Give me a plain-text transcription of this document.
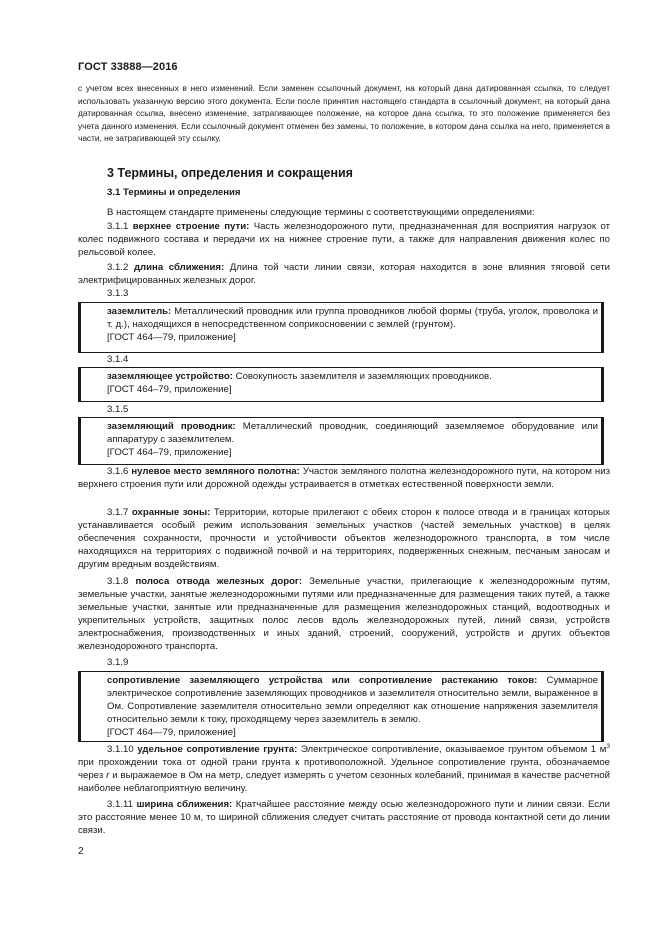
ГОСТ 33888—2016

с учетом всех внесенных в него изменений. Если заменен ссылочный документ, на который дана датированная ссылка, то следует использовать указанную версию этого документа. Если после принятия настоящего стандарта в ссылочный документ, на который дана датированная ссылка, внесено изменение, затрагивающее положение, на которое дана ссылка, то это положение применяется без учета данного изменения. Если ссылочный документ отменен без замены, то положение, в котором дана ссылка на него, применяется в части, не затрагивающей эту ссылку.

3 Термины, определения и сокращения
3.1 Термины и определения

В настоящем стандарте применены следующие термины с соответствующими определениями:

3.1.1 верхнее строение пути: Часть железнодорожного пути, предназначенная для восприятия нагрузок от колес подвижного состава и передачи их на нижнее строение пути, а также для направления движения колес по рельсовой колее.

3.1.2 длина сближения: Длина той части линии связи, которая находится в зоне влияния тяговой сети электрифицированных железных дорог.

3.1.3

заземлитель: Металлический проводник или группа проводников любой формы (труба, уголок, проволока и т. д.), находящихся в непосредственном соприкосновении с землей (грунтом).

[ГОСТ 464—79, приложение]

3.1.4

заземляющее устройство: Совокупность заземлителя и заземляющих проводников.

[ГОСТ 464–79, приложение]

3.1.5

заземляющий проводник: Металлический проводник, соединяющий заземляемое оборудование или аппаратуру с заземлителем.

[ГОСТ 464–79, приложение]

3.1.6 нулевое место земляного полотна: Участок земляного полотна железнодорожного пути, на котором низ верхнего строения пути или дорожной одежды устраивается в отметках естественной поверхности земли.

3.1.7 охранные зоны: Территории, которые прилегают с обеих сторон к полосе отвода и в границах которых устанавливается особый режим использования земельных участков (частей земельных участков) в целях обеспечения сохранности, прочности и устойчивости объектов железнодорожного транспорта, в том числе находящихся на территориях с подвижной почвой и на территориях, подверженных снежным, песчаным заносам и другим вредным воздействиям.

3.1.8 полоса отвода железных дорог: Земельные участки, прилегающие к железнодорожным путям, земельные участки, занятые железнодорожными путями или предназначенные для размещения таких путей, а также земельные участки, занятые или предназначенные для размещения железнодорожных станций, водоотводных и укрепительных устройств, защитных полос лесов вдоль железнодорожных путей, линий связи, устройств электроснабжения, производственных и иных зданий, строений, сооружений, устройств и других объектов железнодорожного транспорта.

3.1.9

сопротивление заземляющего устройства или сопротивление растеканию токов: Суммарное электрическое сопротивление заземляющих проводников и заземлителя относительно земли, выраженное в Ом. Сопротивление заземлителя относительно земли определяют как отношение напряжения заземлителя относительно земли к току, проходящему через заземлитель в землю.

[ГОСТ 464—79, приложение]

3.1.10 удельное сопротивление грунта: Электрическое сопротивление, оказываемое грунтом объемом 1 $м^3$ при прохождении тока от одной грани грунта к противоположной. Удельное сопротивление грунта, обозначаемое через r и выражаемое в Ом на метр, следует измерять с учетом сезонных колебаний, принимая в качестве расчетной наиболее неблагоприятную величину.

3.1.11 ширина сближения: Кратчайшее расстояние между осью железнодорожного пути и линии связи. Если это расстояние менее 10 м, то шириной сближения следует считать расстояние от провода контактной сети до линии связи.

2
